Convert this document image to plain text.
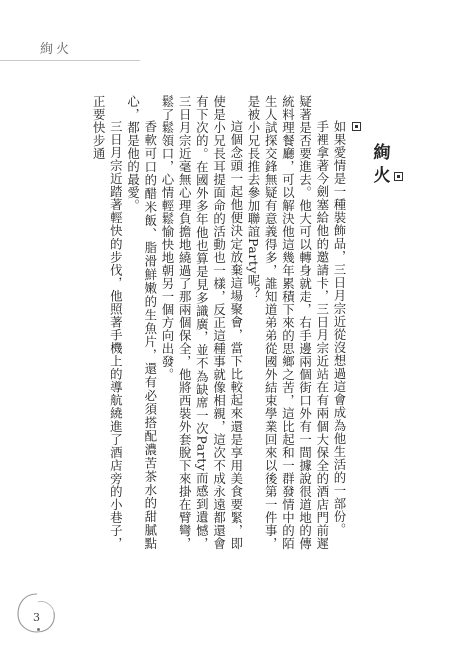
絢火
絢火

如果愛情是一種裝飾品，三日月宗近從沒想過這會成為他生活的一部份。

手裡拿著今劍塞給他的邀請卡，三日月宗近站在有兩個大保全的酒店門前遲疑著是否要進去。他大可以轉身就走，右手邊兩個街口外有一間據說很道地的傳統料理餐廳，可以解決他這幾年累積下來的思鄉之苦，這比起和一群發情中的陌生人試探交鋒無疑有意義得多，誰知道弟弟從國外結束學業回來以後第一件事，是被小兄長推去參加聯誼Party呢？

這個念頭一起他便決定放棄這場聚會，當下比較起來還是享用美食要緊，即使是小兄長耳提面命的活動也一樣，反正這種事就像相親，這次不成永遠都還會有下次的。在國外多年他也算是見多識廣，並不為缺席一次Party而感到遺憾，三日月宗近毫無心理負擔地繞過了那兩個保全，他將西裝外套脫下來掛在臂彎，鬆了鬆領口，心情輕鬆愉快地朝另一個方向出發。

香軟可口的醋米飯、脂滑鮮嫩的生魚片，還有必須搭配濃苦茶水的甜膩點心，都是他的最愛。

三日月宗近踏著輕快的步伐，他照著手機上的導航繞進了酒店旁的小巷子，正要快步通

3
